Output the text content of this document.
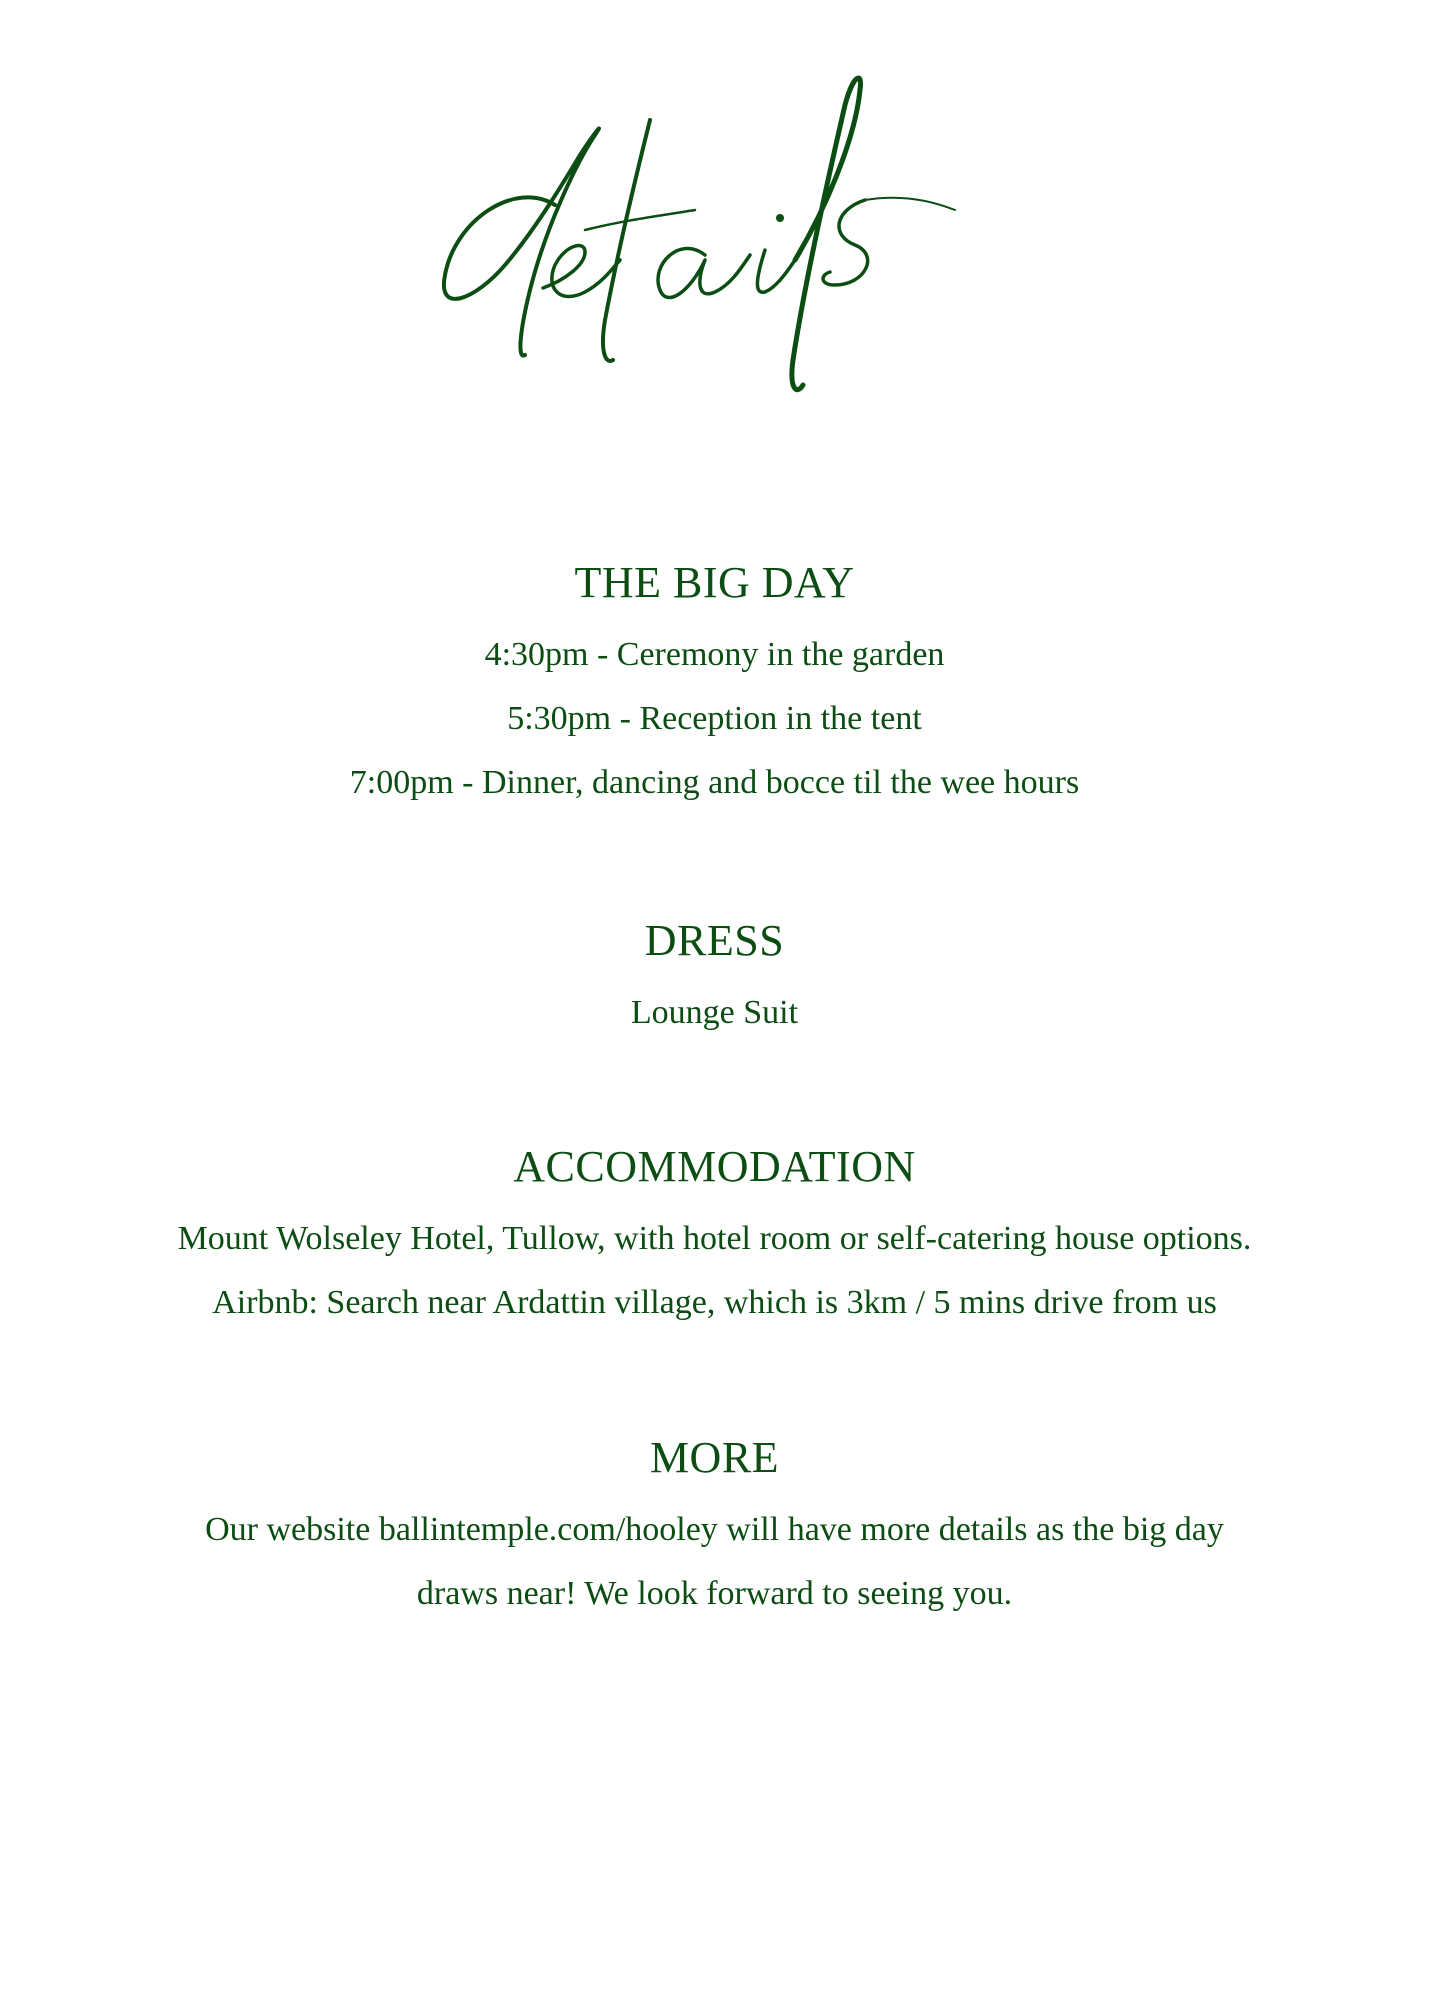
THE BIG DAY

4:30pm - Ceremony in the garden

5:30pm - Reception in the tent

7:00pm - Dinner, dancing and bocce til the wee hours

DRESS

Lounge Suit

ACCOMMODATION

Mount Wolseley Hotel, Tullow, with hotel room or self-catering house options.

Airbnb: Search near Ardattin village, which is 3km / 5 mins drive from us

MORE

Our website ballintemple.com/hooley will have more details as the big day

draws near! We look forward to seeing you.
